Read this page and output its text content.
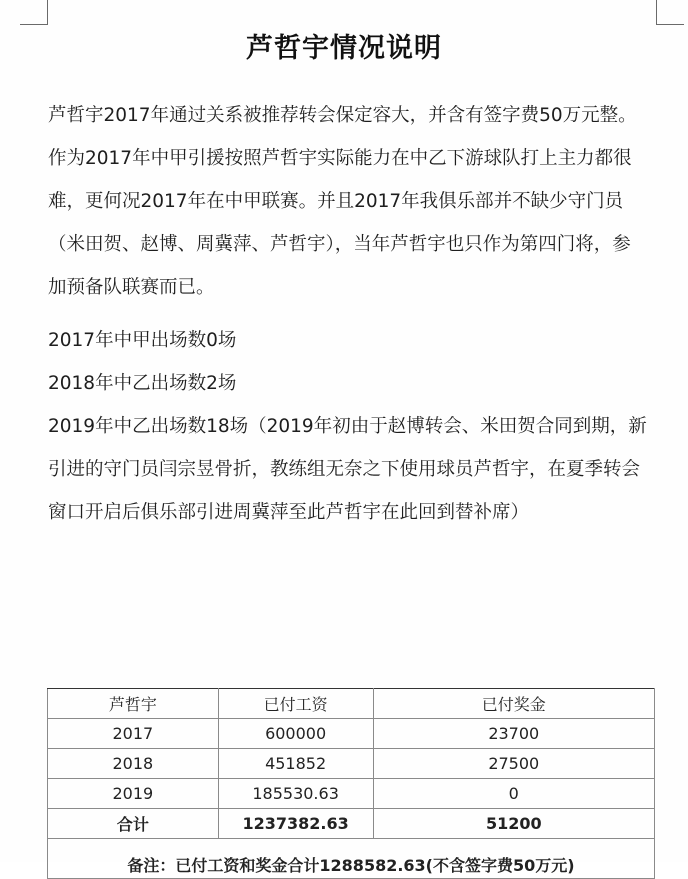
芦哲宇情况说明

芦哲宇2017年通过关系被推荐转会保定容大，并含有签字费50万元整。作为2017年中甲引援按照芦哲宇实际能力在中乙下游球队打上主力都很难，更何况2017年在中甲联赛。并且2017年我俱乐部并不缺少守门员（米田贺、赵博、周冀萍、芦哲宇），当年芦哲宇也只作为第四门将，参加预备队联赛而已。

2017年中甲出场数0场
2018年中乙出场数2场

2019年中乙出场数18场（2019年初由于赵博转会、米田贺合同到期，新引进的守门员闫宗昱骨折，教练组无奈之下使用球员芦哲宇，在夏季转会窗口开启后俱乐部引进周冀萍至此芦哲宇在此回到替补席）

芦哲宇	已付工资	已付奖金
2017	600000	23700
2018	451852	27500
2019	185530.63	0
合计	1237382.63	51200
备注：已付工资和奖金合计1288582.63(不含签字费50万元)		
